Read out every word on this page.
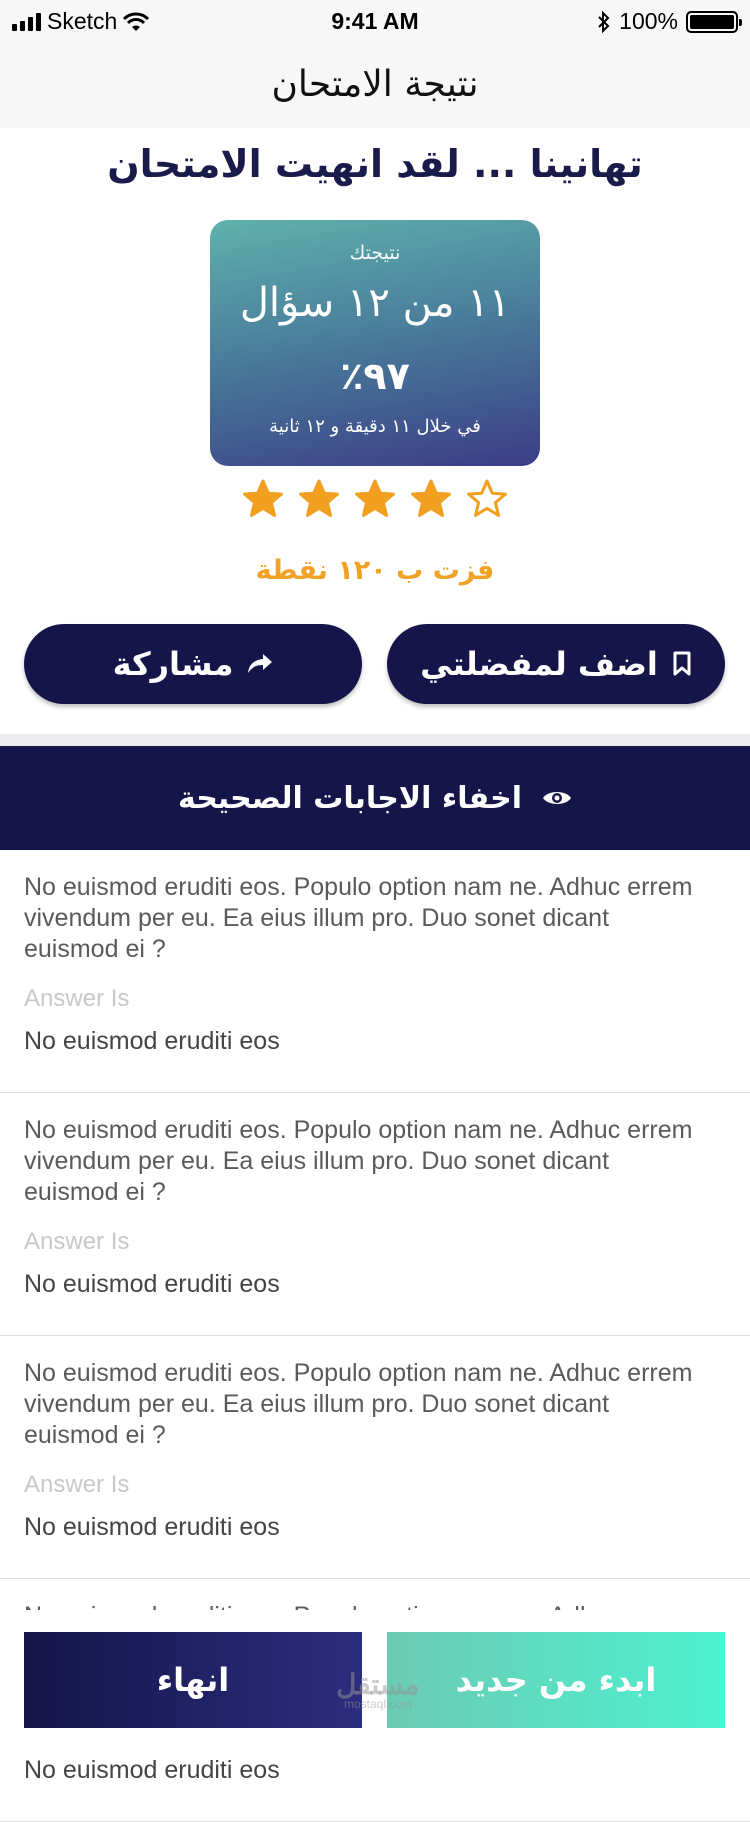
Sketch	9:41 AM	100%
نتيجة الامتحان
تهانينا ... لقد انهيت الامتحان
نتيجتك
١١ من ١٢ سؤال
٩٧٪
في خلال ١١ دقيقة و ١٢ ثانية
فزت ب ١٢٠ نقطة
اضف لمفضلتي
مشاركة
اخفاء الاجابات الصحيحة
No euismod eruditi eos. Populo option nam ne. Adhuc errem vivendum per eu. Ea eius illum pro. Duo sonet dicant euismod ei ?
Answer Is
No euismod eruditi eos
No euismod eruditi eos. Populo option nam ne. Adhuc errem vivendum per eu. Ea eius illum pro. Duo sonet dicant euismod ei ?
Answer Is
No euismod eruditi eos
No euismod eruditi eos. Populo option nam ne. Adhuc errem vivendum per eu. Ea eius illum pro. Duo sonet dicant euismod ei ?
Answer Is
No euismod eruditi eos
No euismod eruditi eos
ابدء من جديد
انهاء	مستقل
mostaql.com
